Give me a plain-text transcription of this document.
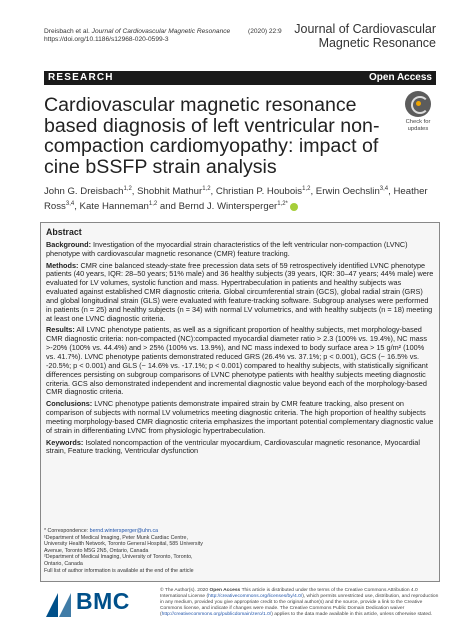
Dreisbach et al. Journal of Cardiovascular Magnetic Resonance
https://doi.org/10.1186/s12968-020-0599-3
(2020) 22:9 Journal of Cardiovascular
Magnetic Resonance
RESEARCH	Open Access
Cardiovascular magnetic resonance based diagnosis of left ventricular non-compaction cardiomyopathy: impact of cine bSSFP strain analysis
Check for
updates
John G. Dreisbach$^{1,2}$, Shobhit Mathur$^{1,2}$, Christian P. Houbois$^{1,2}$, Erwin Oechslin$^{3,4}$, Heather Ross$^{3,4}$, Kate Hanneman$^{1,2}$ and Bernd J. Wintersperger$^{1,2*}$
Abstract

Background: Investigation of the myocardial strain characteristics of the left ventricular non-compaction (LVNC) phenotype with cardiovascular magnetic resonance (CMR) feature tracking.

Methods: CMR cine balanced steady-state free precession data sets of 59 retrospectively identified LVNC phenotype patients (40 years, IQR: 28–50 years; 51% male) and 36 healthy subjects (39 years, IQR: 30–47 years; 44% male) were evaluated for LV volumes, systolic function and mass. Hypertrabeculation in patients and healthy subjects was evaluated against established CMR diagnostic criteria. Global circumferential strain (GCS), global radial strain (GRS) and global longitudinal strain (GLS) were evaluated with feature-tracking software. Subgroup analyses were performed in patients (n = 25) and healthy subjects (n = 34) with normal LV volumetrics, and with healthy subjects (n = 18) meeting at least one LVNC diagnostic criteria.

Results: All LVNC phenotype patients, as well as a significant proportion of healthy subjects, met morphology-based CMR diagnostic criteria: non-compacted (NC):compacted myocardial diameter ratio > 2.3 (100% vs. 19.4%), NC mass >-20% (100% vs. 44.4%) and > 25% (100% vs. 13.9%), and NC mass indexed to body surface area > 15 g/m² (100% vs. 41.7%). LVNC phenotype patients demonstrated reduced GRS (26.4% vs. 37.1%; p < 0.001), GCS (− 16.5% vs. -20.5%; p < 0.001) and GLS (− 14.6% vs. -17.1%; p < 0.001) compared to healthy subjects, with statistically significant differences persisting on subgroup comparisons of LVNC phenotype patients with healthy subjects meeting diagnostic criteria. GCS also demonstrated independent and incremental diagnostic value beyond each of the morphology-based CMR diagnostic criteria.

Conclusions: LVNC phenotype patients demonstrate impaired strain by CMR feature tracking, also present on comparison of subjects with normal LV volumetrics meeting diagnostic criteria. The high proportion of healthy subjects meeting morphology-based CMR diagnostic criteria emphasizes the important potential complementary diagnostic value of strain in differentiating LVNC from physiologic hypertrabeculation.

Keywords: Isolated noncompaction of the ventricular myocardium, Cardiovascular magnetic resonance, Myocardial strain, Feature tracking, Ventricular dysfunction

* Correspondence: bernd.wintersperger@uhn.ca
¹Department of Medical Imaging, Peter Munk Cardiac Centre, University Health Network, Toronto General Hospital, 585 University Avenue, Toronto M5G 2N5, Ontario, Canada
²Department of Medical Imaging, University of Toronto, Toronto, Ontario, Canada
Full list of author information is available at the end of the article
BMC	© The Author(s). 2020 Open Access This article is distributed under the terms of the Creative Commons Attribution 4.0 International License (http://creativecommons.org/licenses/by/4.0/), which permits unrestricted use, distribution, and reproduction in any medium, provided you give appropriate credit to the original author(s) and the source, provide a link to the Creative Commons license, and indicate if changes were made. The Creative Commons Public Domain Dedication waiver (http://creativecommons.org/publicdomain/zero/1.0/) applies to the data made available in this article, unless otherwise stated.
